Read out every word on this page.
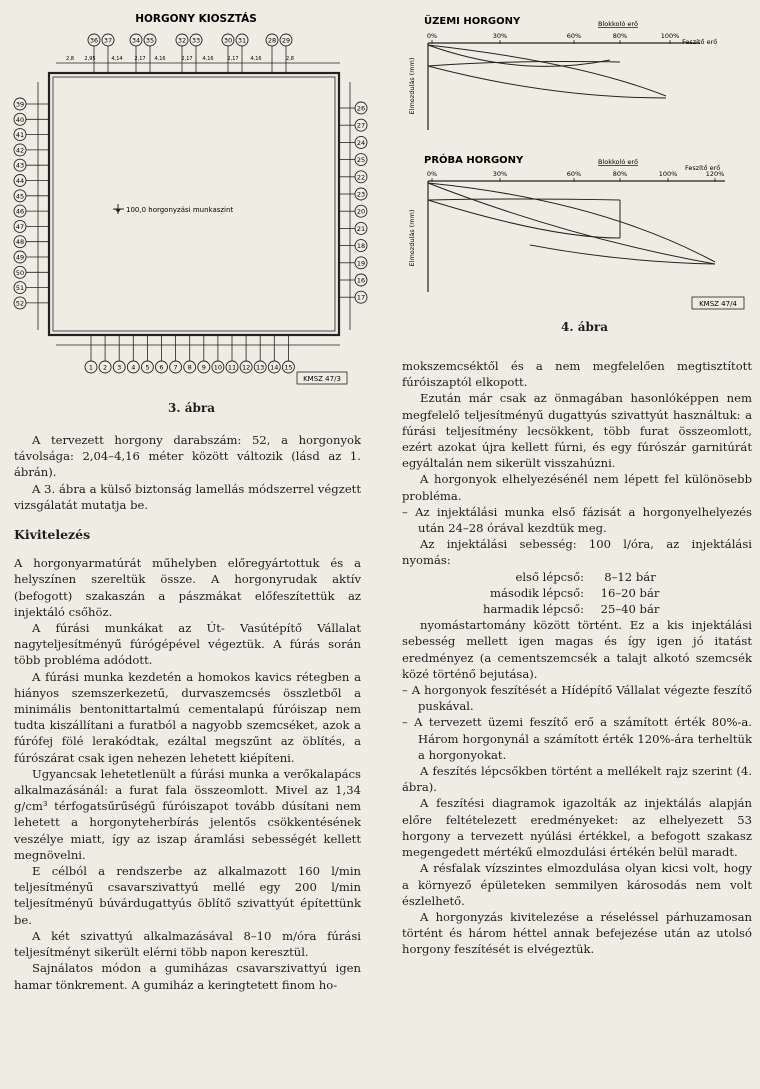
HORGONY KIOSZTÁS
36 37	34 35	32 33	30 31	28 29
2,8 2,95	4,14 2,17 4,16	2,17 4,16	2,17 4,16	2,8
39
40
41
42
43
44
45
46
47
48
49
50
51
52
26
27
24
25
22
23
20
21
18
19
16
17
1 2 3 4 5 6 7 8 9 10 11 12 13 14 15
100,0 horgonyzási munkaszint
KMSZ 47/3
3. ábra
ÜZEMI HORGONY	Blokkoló erő
Feszítő erő
Elmozdulás (mm)
0%	30%	60%	80%	100%
PRÓBA HORGONY	Blokkoló erő
Feszítő erő
Elmozdulás (mm)
0%	30%	60%	80%	100%	120%
KMSZ 47/4
4. ábra

A tervezett horgony darabszám: 52, a horgonyok távolsága: 2,04–4,16 méter között változik (lásd az 1. ábrán).

A 3. ábra a külső biztonság lamellás módszerrel végzett vizsgálatát mutatja be.

Kivitelezés

A horgonyarmatúrát műhelyben előregyártottuk és a helyszínen szereltük össze. A horgonyrudak aktív (befogott) szakaszán a pászmákat előfeszítettük az injektáló csőhöz.

A fúrási munkákat az Út- Vasútépítő Vállalat nagyteljesítményű fúrógépével végeztük. A fúrás során több probléma adódott.

A fúrási munka kezdetén a homokos kavics rétegben a hiányos szemszerkezetű, durvaszemcsés összletből a minimális bentonittartalmú cementalapú fúróiszap nem tudta kiszállítani a furatból a nagyobb szemcséket, azok a fúrófej fölé lerakódtak, ezáltal megszűnt az öblítés, a fúrószárat csak igen nehezen lehetett kiépíteni.

Ugyancsak lehetetlenült a fúrási munka a verőkalapács alkalmazásánál: a furat fala összeomlott. Mivel az 1,34 g/cm³ térfogatsűrűségű fúróiszapot tovább dúsítani nem lehetett a horgonyteherbírás jelentős csökkentésének veszélye miatt, így az iszap áramlási sebességét kellett megnövelni.

E célból a rendszerbe az alkalmazott 160 l/min teljesítményű csavarszivattyú mellé egy 200 l/min teljesítményű búvárdugattyús öblítő szivattyút építettünk be.

A két szivattyú alkalmazásával 8–10 m/óra fúrási teljesítményt sikerült elérni több napon keresztül.

Sajnálatos módon a gumiházas csavarszivattyú igen hamar tönkrement. A gumiház a keringtetett finom ho-

mokszemcséktől és a nem megfelelően megtisztított fúróiszaptól elkopott.

Ezután már csak az önmagában hasonlóképpen nem megfelelő teljesítményű dugattyús szivattyút használtuk: a fúrási teljesítmény lecsökkent, több furat összeomlott, ezért azokat újra kellett fúrni, és egy fúrószár garnitúrát egyáltalán nem sikerült visszahúzni.

A horgonyok elhelyezésénél nem lépett fel különösebb probléma.

– Az injektálási munka első fázisát a horgonyelhelyezés után 24–28 órával kezdtük meg.

Az injektálási sebesség: 100 l/óra, az injektálási nyomás:

első lépcső:	8–12 bár
második lépcső:	16–20 bár
harmadik lépcső:	25–40 bár

nyomástartomány között történt. Ez a kis injektálási sebesség mellett igen magas és így igen jó itatást eredményez (a cementszemcsék a talajt alkotó szemcsék közé történő bejutása).

– A horgonyok feszítését a Hídépítő Vállalat végezte feszítő puskával.

– A tervezett üzemi feszítő erő a számított érték 80%-a. Három horgonynál a számított érték 120%-ára terheltük a horgonyokat.

A feszítés lépcsőkben történt a mellékelt rajz szerint (4. ábra).

A feszítési diagramok igazolták az injektálás alapján előre feltételezett eredményeket: az elhelyezett 53 horgony a tervezett nyúlási értékkel, a befogott szakasz megengedett mértékű elmozdulási értékén belül maradt.

A résfalak vízszintes elmozdulása olyan kicsi volt, hogy a környező épületeken semmilyen károsodás nem volt észlelhető.

A horgonyzás kivitelezése a réseléssel párhuzamosan történt és három héttel annak befejezése után az utolsó horgony feszítését is elvégeztük.
